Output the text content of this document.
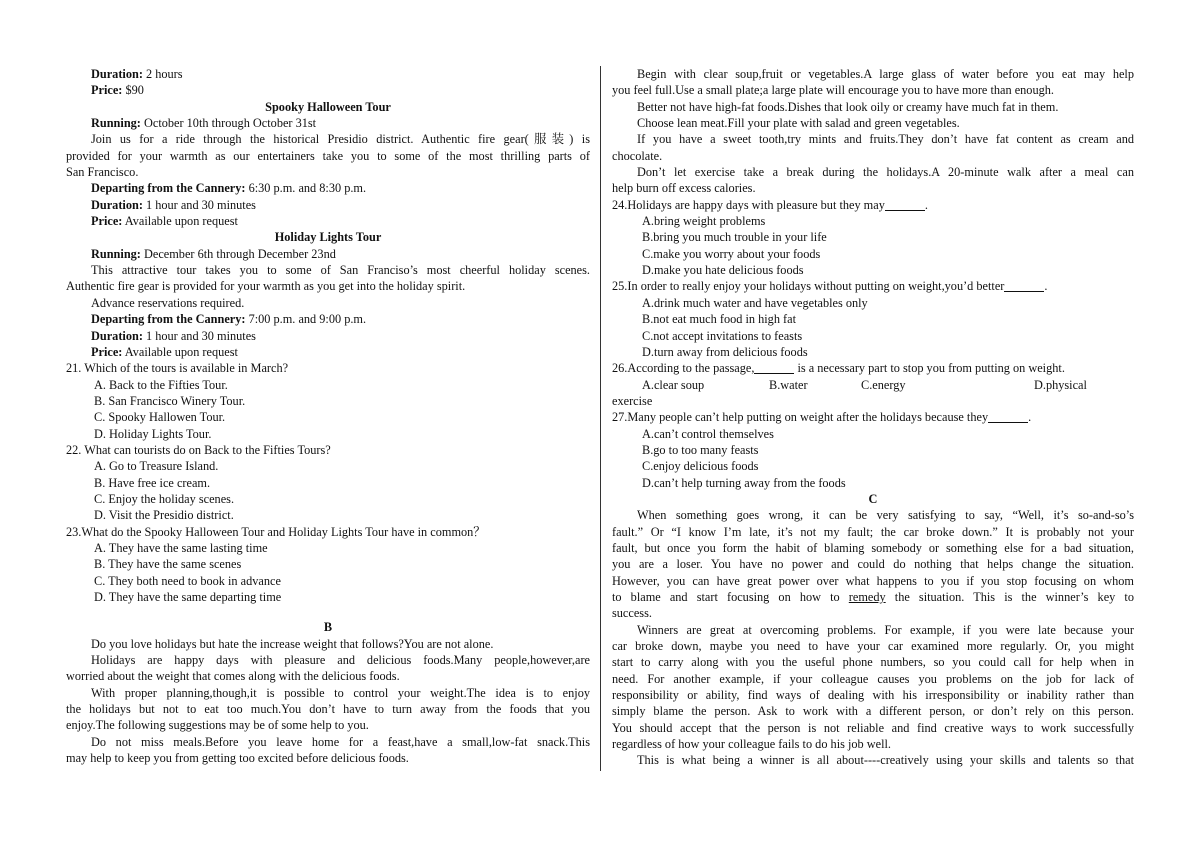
Duration: 2 hours
Price: $90
Spooky Halloween Tour
Running: October 10th through October 31st
Join us for a ride through the historical Presidio district. Authentic fire gear(服装) is
provided for your warmth as our entertainers take you to some of the most thrilling parts of
San Francisco.
Departing from the Cannery: 6:30 p.m. and 8:30 p.m.
Duration: 1 hour and 30 minutes
Price: Available upon request
Holiday Lights Tour
Running: December 6th through December 23nd
This attractive tour takes you to some of San Franciso’s most cheerful holiday scenes.
Authentic fire gear is provided for your warmth as you get into the holiday spirit.
Advance reservations required.
Departing from the Cannery: 7:00 p.m. and 9:00 p.m.
Duration: 1 hour and 30 minutes
Price: Available upon request
21. Which of the tours is available in March?
A. Back to the Fifties Tour.
B. San Francisco Winery Tour.
C. Spooky Hallowen Tour.
D. Holiday Lights Tour.
22. What can tourists do on Back to the Fifties Tours?
A. Go to Treasure Island.
B. Have free ice cream.
C. Enjoy the holiday scenes.
D. Visit the Presidio district.
23.What do the Spooky Halloween Tour and Holiday Lights Tour have in common？
A. They have the same lasting time
B. They have the same scenes
C. They both need to book in advance
D. They have the same departing time
B
Do you love holidays but hate the increase weight that follows?You are not alone.
Holidays are happy days with pleasure and delicious foods.Many people,however,are
worried about the weight that comes along with the delicious foods.
With proper planning,though,it is possible to control your weight.The idea is to enjoy
the holidays but not to eat too much.You don’t have to turn away from the foods that you
enjoy.The following suggestions may be of some help to you.
Do not miss meals.Before you leave home for a feast,have a small,low-fat snack.This
may help to keep you from getting too excited before delicious foods.
Begin with clear soup,fruit or vegetables.A large glass of water before you eat may help
you feel full.Use a small plate;a large plate will encourage you to have more than enough.
Better not have high-fat foods.Dishes that look oily or creamy have much fat in them.
Choose lean meat.Fill your plate with salad and green vegetables.
If you have a sweet tooth,try mints and fruits.They don’t have fat content as cream and
chocolate.
Don’t let exercise take a break during the holidays.A 20-minute walk after a meal can
help burn off excess calories.
24.Holidays are happy days with pleasure but they may	.
A.bring weight problems
B.bring you much trouble in your life
C.make you worry about your foods
D.make you hate delicious foods
25.In order to really enjoy your holidays without putting on weight,you’d better	.
A.drink much water and have vegetables only
B.not eat much food in high fat
C.not accept invitations to feasts
D.turn away from delicious foods
26.According to the passage,	is a necessary part to stop you from putting on weight.
A.clear soup	B.water	C.energy	D.physical
exercise
27.Many people can’t help putting on weight after the holidays because they	.
A.can’t control themselves
B.go to too many feasts
C.enjoy delicious foods
D.can’t help turning away from the foods
C
When something goes wrong, it can be very satisfying to say, “Well, it’s so-and-so’s
fault.” Or “I know I’m late, it’s not my fault; the car broke down.” It is probably not your
fault, but once you form the habit of blaming somebody or something else for a bad situation,
you are a loser. You have no power and could do nothing that helps change the situation.
However, you can have great power over what happens to you if you stop focusing on whom
to blame and start focusing on how to remedy the situation. This is the winner’s key to
success.
Winners are great at overcoming problems. For example, if you were late because your
car broke down, maybe you need to have your car examined more regularly. Or, you might
start to carry along with you the useful phone numbers, so you could call for help when in
need. For another example, if your colleague causes you problems on the job for lack of
responsibility or ability, find ways of dealing with his irresponsibility or inability rather than
simply blame the person. Ask to work with a different person, or don’t rely on this person.
You should accept that the person is not reliable and find creative ways to work successfully
regardless of how your colleague fails to do his job well.
This is what being a winner is all about----creatively using your skills and talents so that
